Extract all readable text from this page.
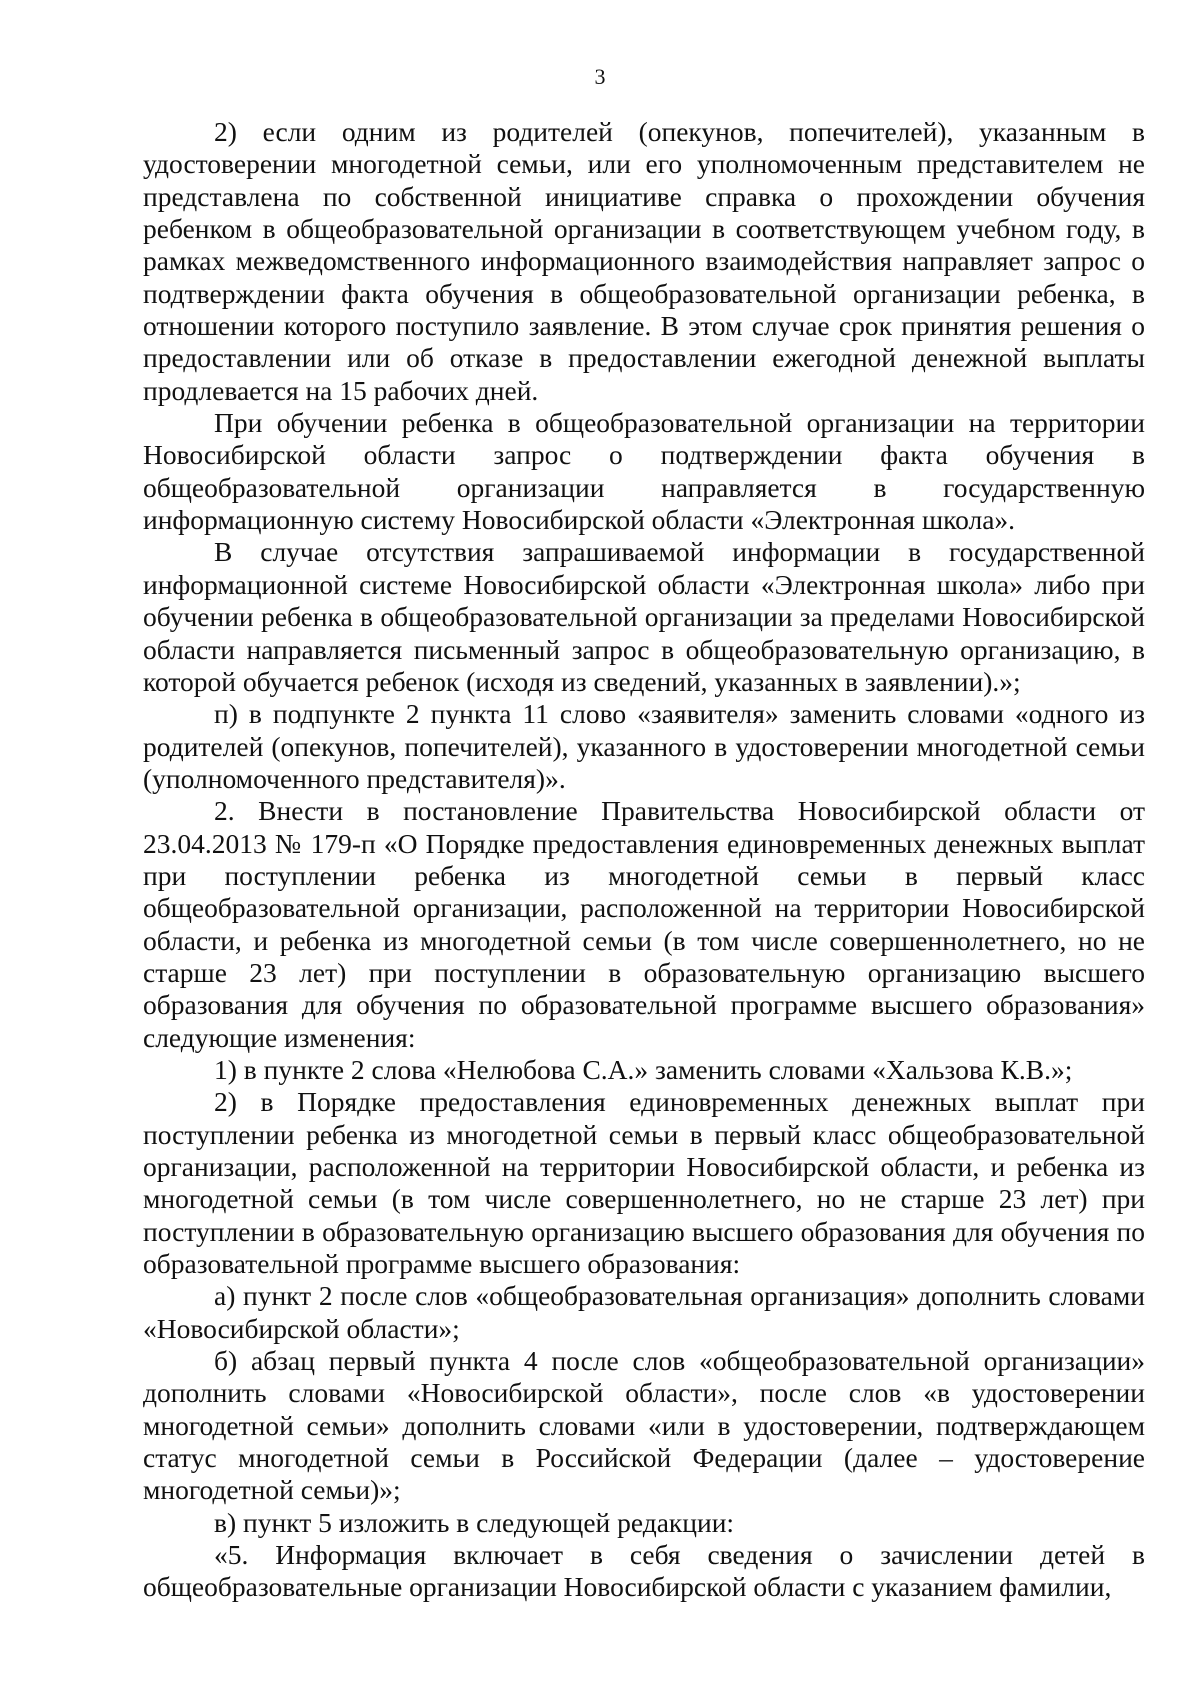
3

2) если одним из родителей (опекунов, попечителей), указанным в удостоверении многодетной семьи, или его уполномоченным представителем не представлена по собственной инициативе справка о прохождении обучения ребенком в общеобразовательной организации в соответствующем учебном году, в рамках межведомственного информационного взаимодействия направляет запрос о подтверждении факта обучения в общеобразовательной организации ребенка, в отношении которого поступило заявление. В этом случае срок принятия решения о предоставлении или об отказе в предоставлении ежегодной денежной выплаты продлевается на 15 рабочих дней.

При обучении ребенка в общеобразовательной организации на территории Новосибирской области запрос о подтверждении факта обучения в общеобразовательной организации направляется в государственную информационную систему Новосибирской области «Электронная школа».

В случае отсутствия запрашиваемой информации в государственной информационной системе Новосибирской области «Электронная школа» либо при обучении ребенка в общеобразовательной организации за пределами Новосибирской области направляется письменный запрос в общеобразовательную организацию, в которой обучается ребенок (исходя из сведений, указанных в заявлении).»;

п) в подпункте 2 пункта 11 слово «заявителя» заменить словами «одного из родителей (опекунов, попечителей), указанного в удостоверении многодетной семьи (уполномоченного представителя)».

2. Внести в постановление Правительства Новосибирской области от 23.04.2013 № 179-п «О Порядке предоставления единовременных денежных выплат при поступлении ребенка из многодетной семьи в первый класс общеобразовательной организации, расположенной на территории Новосибирской области, и ребенка из многодетной семьи (в том числе совершеннолетнего, но не старше 23 лет) при поступлении в образовательную организацию высшего образования для обучения по образовательной программе высшего образования» следующие изменения:

1) в пункте 2 слова «Нелюбова С.А.» заменить словами «Хальзова К.В.»;

2) в Порядке предоставления единовременных денежных выплат при поступлении ребенка из многодетной семьи в первый класс общеобразовательной организации, расположенной на территории Новосибирской области, и ребенка из многодетной семьи (в том числе совершеннолетнего, но не старше 23 лет) при поступлении в образовательную организацию высшего образования для обучения по образовательной программе высшего образования:

а) пункт 2 после слов «общеобразовательная организация» дополнить словами «Новосибирской области»;

б) абзац первый пункта 4 после слов «общеобразовательной организации» дополнить словами «Новосибирской области», после слов «в удостоверении многодетной семьи» дополнить словами «или в удостоверении, подтверждающем статус многодетной семьи в Российской Федерации (далее – удостоверение многодетной семьи)»;

в) пункт 5 изложить в следующей редакции:

«5. Информация включает в себя сведения о зачислении детей в общеобразовательные организации Новосибирской области с указанием фамилии,
